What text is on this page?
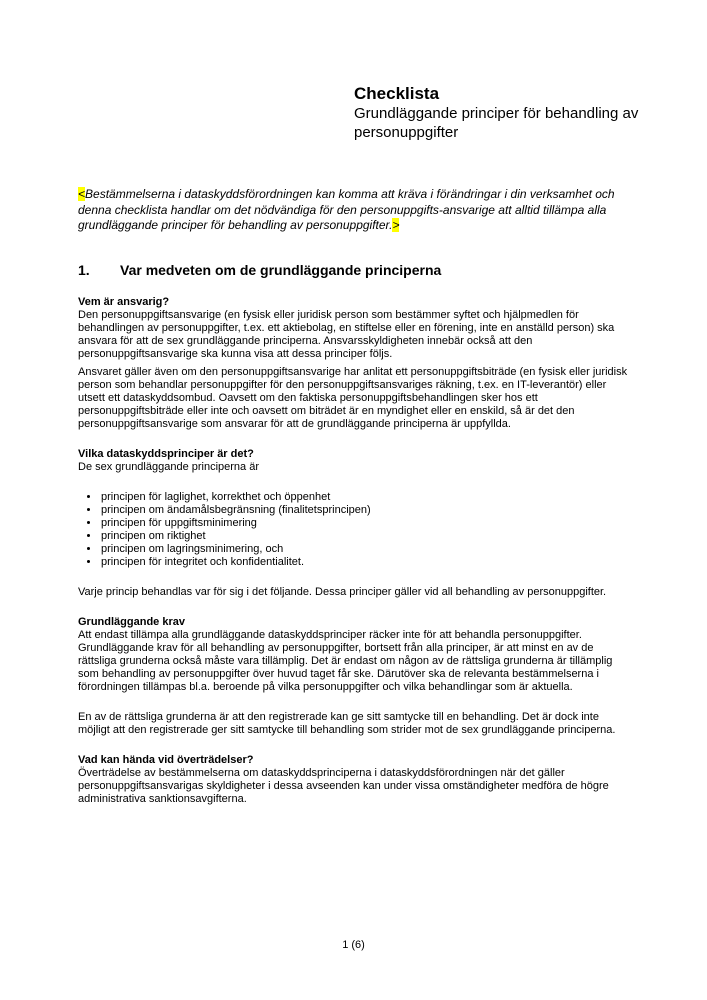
Checklista

Grundläggande principer för behandling av personuppgifter

<Bestämmelserna i dataskyddsförordningen kan komma att kräva i förändringar i din verksamhet och denna checklista handlar om det nödvändiga för den personuppgifts-ansvarige att alltid tillämpa alla grundläggande principer för behandling av personuppgifter.>

1. Var medveten om de grundläggande principerna

Vem är ansvarig?

Den personuppgiftsansvarige (en fysisk eller juridisk person som bestämmer syftet och hjälpmedlen för behandlingen av personuppgifter, t.ex. ett aktiebolag, en stiftelse eller en förening, inte en anställd person) ska ansvara för att de sex grundläggande principerna. Ansvarsskyldigheten innebär också att den personuppgiftsansvarige ska kunna visa att dessa principer följs.

Ansvaret gäller även om den personuppgiftsansvarige har anlitat ett personuppgiftsbiträde (en fysisk eller juridisk person som behandlar personuppgifter för den personuppgiftsansvariges räkning, t.ex. en IT-leverantör) eller utsett ett dataskyddsombud. Oavsett om den faktiska personuppgiftsbehandlingen sker hos ett personuppgiftsbiträde eller inte och oavsett om biträdet är en myndighet eller en enskild, så är det den personuppgiftsansvarige som ansvarar för att de grundläggande principerna är uppfyllda.

Vilka dataskyddsprinciper är det?

De sex grundläggande principerna är

• principen för laglighet, korrekthet och öppenhet
• principen om ändamålsbegränsning (finalitetsprincipen)
• principen för uppgiftsminimering
• principen om riktighet
• principen om lagringsminimering, och
• principen för integritet och konfidentialitet.

Varje princip behandlas var för sig i det följande. Dessa principer gäller vid all behandling av personuppgifter.

Grundläggande krav

Att endast tillämpa alla grundläggande dataskyddsprinciper räcker inte för att behandla personuppgifter. Grundläggande krav för all behandling av personuppgifter, bortsett från alla principer, är att minst en av de rättsliga grunderna också måste vara tillämplig. Det är endast om någon av de rättsliga grunderna är tillämplig som behandling av personuppgifter över huvud taget får ske. Därutöver ska de relevanta bestämmelserna i förordningen tillämpas bl.a. beroende på vilka personuppgifter och vilka behandlingar som är aktuella.

En av de rättsliga grunderna är att den registrerade kan ge sitt samtycke till en behandling. Det är dock inte möjligt att den registrerade ger sitt samtycke till behandling som strider mot de sex grundläggande principerna.

Vad kan hända vid överträdelser?

Överträdelse av bestämmelserna om dataskyddsprinciperna i dataskyddsförordningen när det gäller personuppgiftsansvarigas skyldigheter i dessa avseenden kan under vissa omständigheter medföra de högre administrativa sanktionsavgifterna.

1 (6)
